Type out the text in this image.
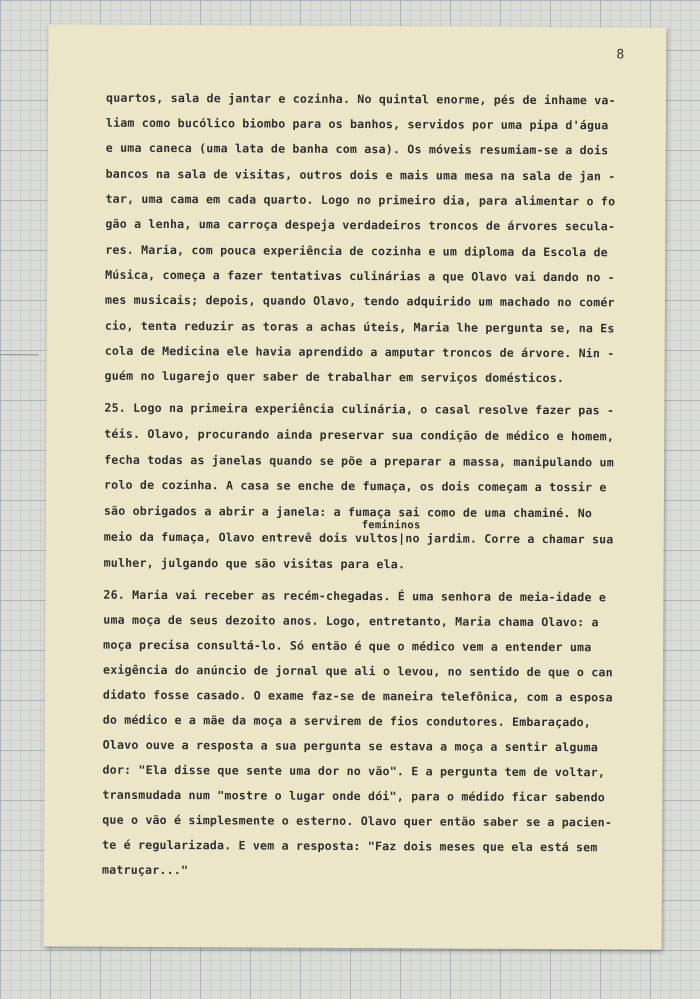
8
quartos, sala de jantar e cozinha. No quintal enorme, pés de inhame va-
liam como bucólico biombo para os banhos, servidos por uma pipa d'água
e uma caneca (uma lata de banha com asa). Os móveis resumiam-se a dois
bancos na sala de visitas, outros dois e mais uma mesa na sala de jan -
tar, uma cama em cada quarto. Logo no primeiro dia, para alimentar o fo
gão a lenha, uma carroça despeja verdadeiros troncos de árvores secula-
res. Maria, com pouca experiência de cozinha e um diploma da Escola de
Música, começa a fazer tentativas culinárias a que Olavo vai dando no -
mes musicais; depois, quando Olavo, tendo adquirido um machado no comér
cio, tenta reduzir as toras a achas úteis, Maria lhe pergunta se, na Es
cola de Medicina ele havia aprendido a amputar troncos de árvore. Nin -
guém no lugarejo quer saber de trabalhar em serviços domésticos.
25. Logo na primeira experiência culinária, o casal resolve fazer pas -
téis. Olavo, procurando ainda preservar sua condição de médico e homem,
fecha todas as janelas quando se põe a preparar a massa, manipulando um
rolo de cozinha. A casa se enche de fumaça, os dois começam a tossir e
são obrigados a abrir a janela: a fumaça sai como de uma chaminé. No
femininos
meio da fumaça, Olavo entrevê dois vultos|no jardim. Corre a chamar sua
mulher, julgando que são visitas para ela.
26. Maria vai receber as recém-chegadas. É uma senhora de meia-idade e
uma moça de seus dezoito anos. Logo, entretanto, Maria chama Olavo: a
moça precisa consultá-lo. Só então é que o médico vem a entender uma
exigência do anúncio de jornal que ali o levou, no sentido de que o can
didato fosse casado. O exame faz-se de maneira telefônica, com a esposa
do médico e a mãe da moça a servirem de fios condutores. Embaraçado,
Olavo ouve a resposta a sua pergunta se estava a moça a sentir alguma
dor: "Ela disse que sente uma dor no vão". E a pergunta tem de voltar,
transmudada num "mostre o lugar onde dói", para o médido ficar sabendo
que o vão é simplesmente o esterno. Olavo quer então saber se a pacien-
te é regularizada. E vem a resposta: "Faz dois meses que ela está sem
matruçar..."
